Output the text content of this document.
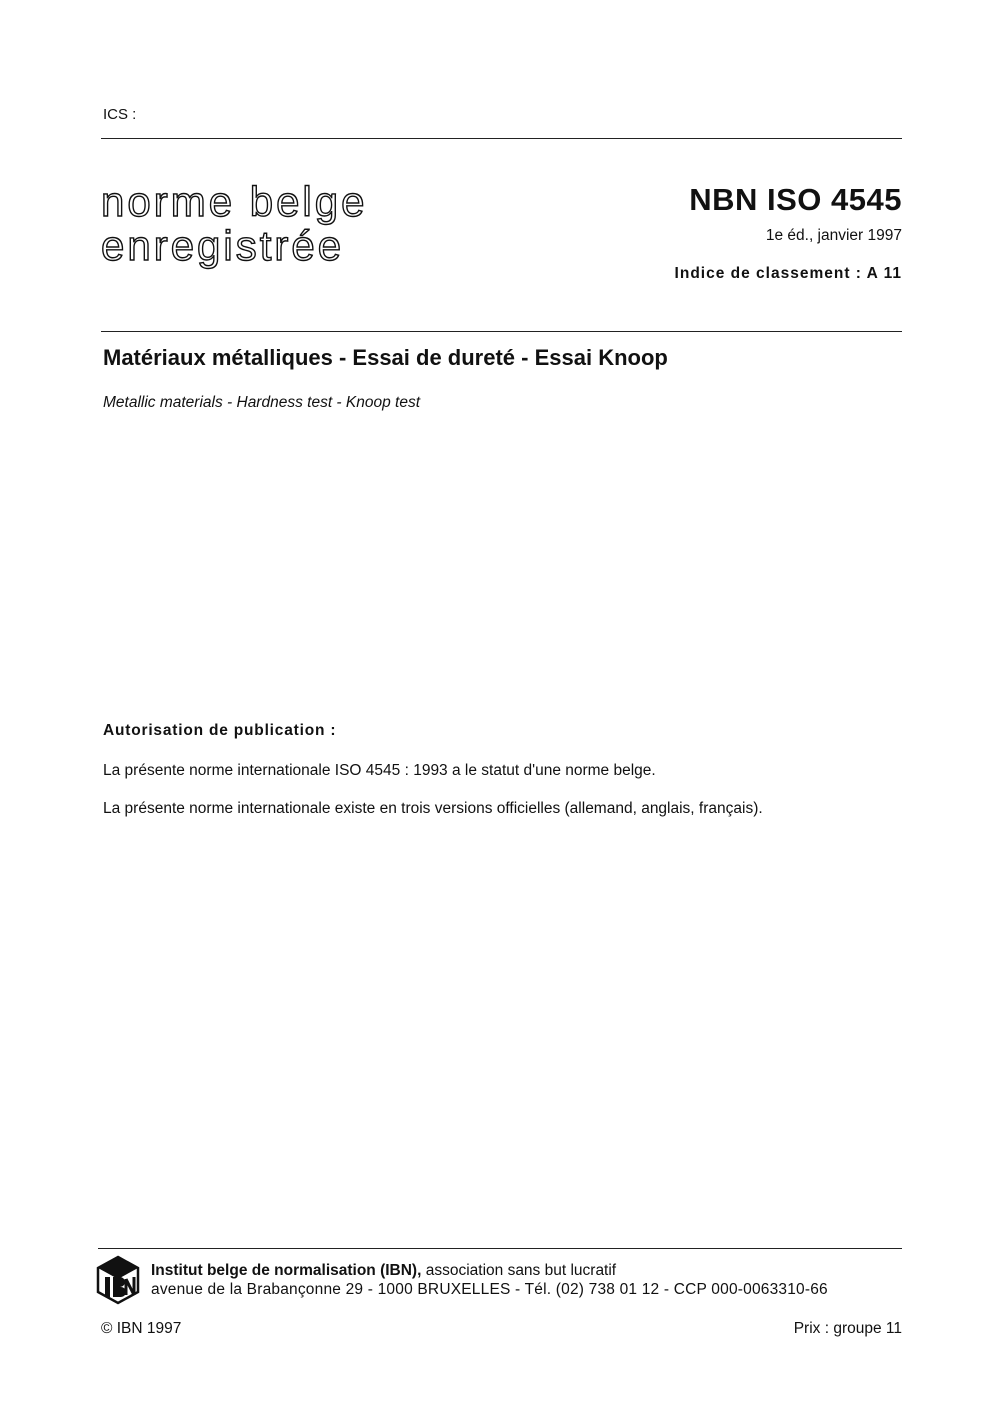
ICS :
norme belge
enregistrée
NBN ISO 4545
1e éd., janvier 1997
Indice de classement : A 11
Matériaux métalliques - Essai de dureté - Essai Knoop
Metallic materials - Hardness test - Knoop test
Autorisation de publication :
La présente norme internationale ISO 4545 : 1993 a le statut d'une norme belge.
La présente norme internationale existe en trois versions officielles (allemand, anglais, français).
Institut belge de normalisation (IBN), association sans but lucratif
avenue de la Brabançonne 29 - 1000 BRUXELLES - Tél. (02) 738 01 12 - CCP 000-0063310-66
© IBN 1997	Prix : groupe 11
